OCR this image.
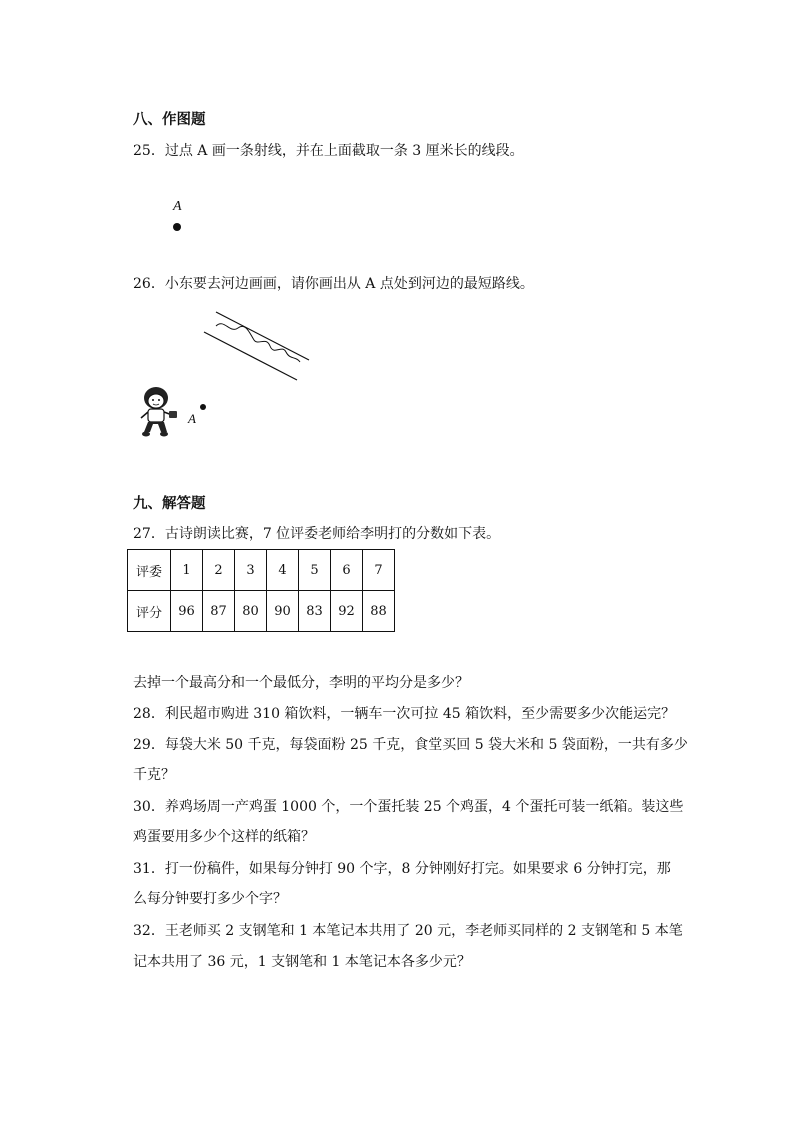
八、作图题
25．过点 A 画一条射线，并在上面截取一条 3 厘米长的线段。
A
26．小东要去河边画画，请你画出从 A 点处到河边的最短路线。
A
九、解答题
27．古诗朗读比赛，7 位评委老师给李明打的分数如下表。
评委	1	2	3	4	5	6	7
评分	96	87	80	90	83	92	88
去掉一个最高分和一个最低分，李明的平均分是多少？
28．利民超市购进 310 箱饮料，一辆车一次可拉 45 箱饮料，至少需要多少次能运完？
29．每袋大米 50 千克，每袋面粉 25 千克，食堂买回 5 袋大米和 5 袋面粉，一共有多少
千克？
30．养鸡场周一产鸡蛋 1000 个，一个蛋托装 25 个鸡蛋，4 个蛋托可装一纸箱。装这些
鸡蛋要用多少个这样的纸箱？
31．打一份稿件，如果每分钟打 90 个字，8 分钟刚好打完。如果要求 6 分钟打完，那
么每分钟要打多少个字？
32．王老师买 2 支钢笔和 1 本笔记本共用了 20 元，李老师买同样的 2 支钢笔和 5 本笔
记本共用了 36 元，1 支钢笔和 1 本笔记本各多少元？
